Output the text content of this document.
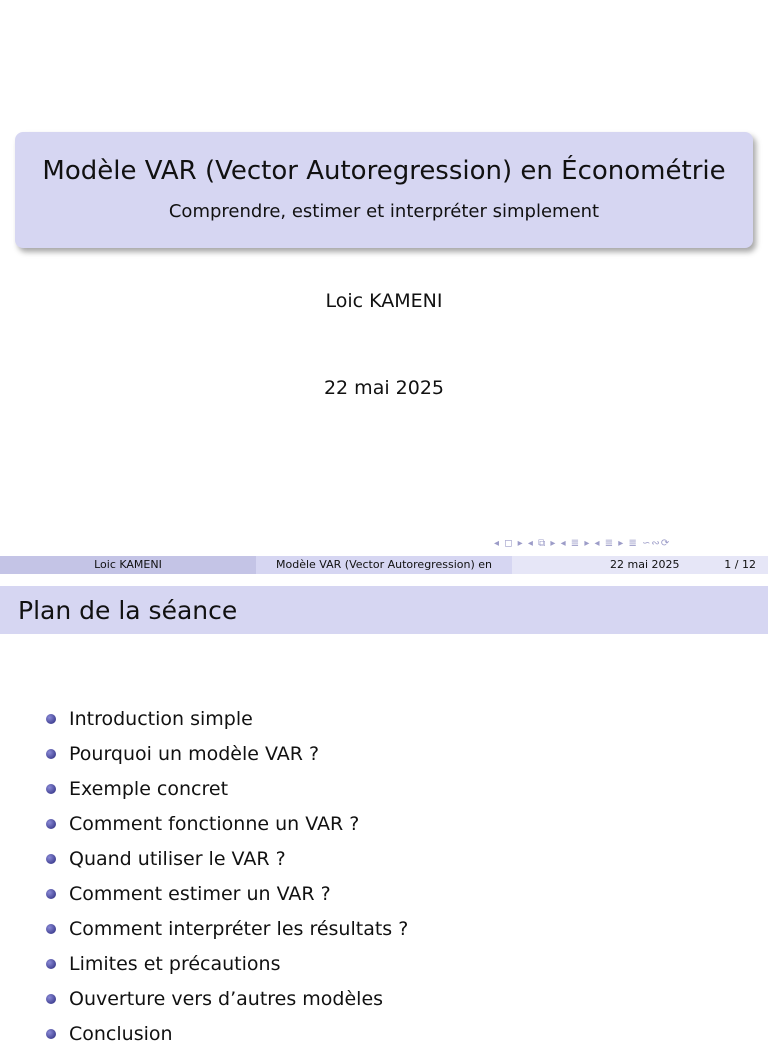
Modèle VAR (Vector Autoregression) en Économétrie
Comprendre, estimer et interpréter simplement
Loic KAMENI
22 mai 2025
◂ ◻ ▸ ◂ ⧉ ▸ ◂ ≣ ▸ ◂ ≣ ▸ ≣ ∽∾⟳
Loic KAMENI	Modèle VAR (Vector Autoregression) en	22 mai 2025	1 / 12
Plan de la séance
Introduction simple
Pourquoi un modèle VAR ?
Exemple concret
Comment fonctionne un VAR ?
Quand utiliser le VAR ?
Comment estimer un VAR ?
Comment interpréter les résultats ?
Limites et précautions
Ouverture vers d’autres modèles
Conclusion
